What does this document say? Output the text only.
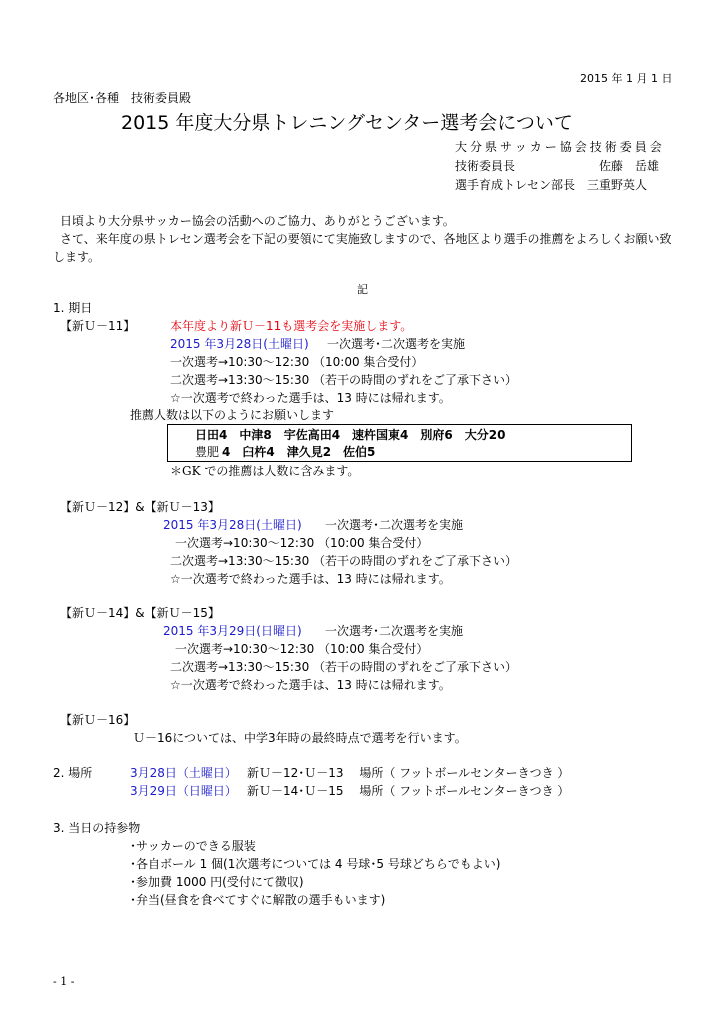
2015 年 1 月 1 日
各地区･各種　技術委員殿
2015 年度大分県トレニングセンター選考会について
大分県サッカー協会技術委員会
技術委員長	佐藤　岳雄
選手育成トレセン部長　三重野英人
日頃より大分県サッカー協会の活動へのご協力、ありがとうございます。
さて、来年度の県トレセン選考会を下記の要領にて実施致しますので、各地区より選手の推薦をよろしくお願い致
します。
記
1. 期日
【新Ｕ－11】	本年度より新Ｕ－11も選考会を実施します。
2015 年3月28日(土曜日) 一次選考･二次選考を実施
一次選考→10:30～12:30 （10:00 集合受付）
二次選考→13:30～15:30 （若干の時間のずれをご了承下さい）
☆一次選考で終わった選手は、13 時には帰れます。
推薦人数は以下のようにお願いします
日田4　中津8　宇佐高田4　速杵国東4　別府6　大分20
豊肥 4　臼杵4　津久見2　佐伯5
＊GK での推薦は人数に含みます。
【新Ｕ－12】&【新Ｕ－13】
2015 年3月28日(土曜日) 一次選考･二次選考を実施
一次選考→10:30～12:30 （10:00 集合受付）
二次選考→13:30～15:30 （若干の時間のずれをご了承下さい）
☆一次選考で終わった選手は、13 時には帰れます。
【新Ｕ－14】&【新Ｕ－15】
2015 年3月29日(日曜日) 一次選考･二次選考を実施
一次選考→10:30～12:30 （10:00 集合受付）
二次選考→13:30～15:30 （若干の時間のずれをご了承下さい）
☆一次選考で終わった選手は、13 時には帰れます。
【新Ｕ－16】
Ｕ－16については、中学3年時の最終時点で選考を行います。
2. 場所	3月28日（土曜日） 新Ｕ－12･Ｕ－13　 場所（ フットボールセンターきつき ）
3月29日（日曜日） 新Ｕ－14･Ｕ－15　 場所（ フットボールセンターきつき ）
3. 当日の持参物
･サッカーのできる服装
･各自ボール 1 個(1次選考については 4 号球･5 号球どちらでもよい)
･参加費 1000 円(受付にて徴収)
･弁当(昼食を食べてすぐに解散の選手もいます)
- 1 -
